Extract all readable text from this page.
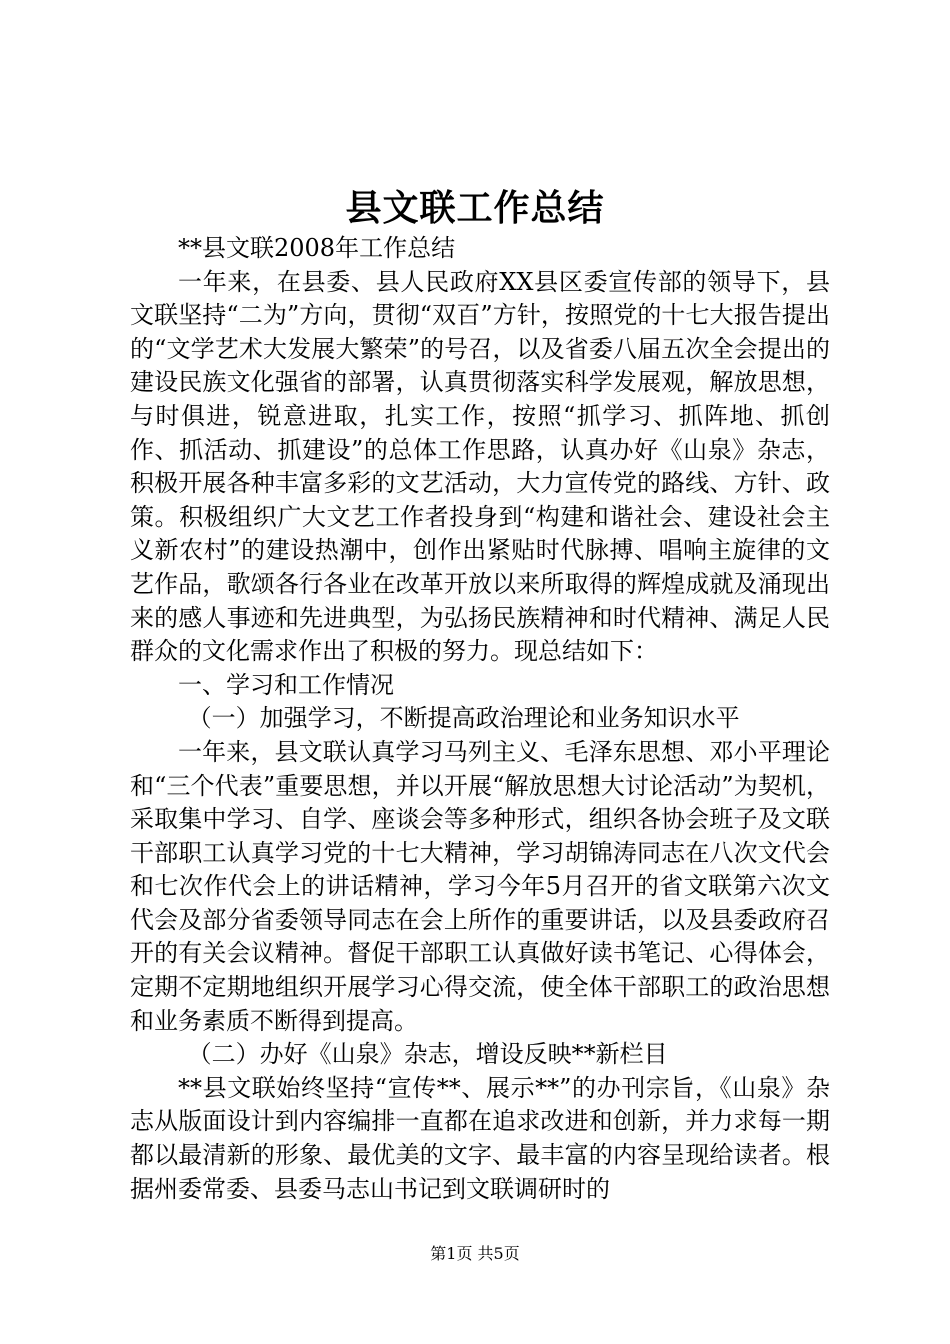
县文联工作总结

**县文联2008年工作总结

一年来，在县委、县人民政府XX县区委宣传部的领导下，县文联坚持“二为”方向，贯彻“双百”方针，按照党的十七大报告提出的“文学艺术大发展大繁荣”的号召，以及省委八届五次全会提出的建设民族文化强省的部署，认真贯彻落实科学发展观，解放思想，与时俱进，锐意进取，扎实工作，按照“抓学习、抓阵地、抓创作、抓活动、抓建设”的总体工作思路，认真办好《山泉》杂志，积极开展各种丰富多彩的文艺活动，大力宣传党的路线、方针、政策。积极组织广大文艺工作者投身到“构建和谐社会、建设社会主义新农村”的建设热潮中，创作出紧贴时代脉搏、唱响主旋律的文艺作品，歌颂各行各业在改革开放以来所取得的辉煌成就及涌现出来的感人事迹和先进典型，为弘扬民族精神和时代精神、满足人民群众的文化需求作出了积极的努力。现总结如下：

一、学习和工作情况

（一）加强学习，不断提高政治理论和业务知识水平

一年来，县文联认真学习马列主义、毛泽东思想、邓小平理论和“三个代表”重要思想，并以开展“解放思想大讨论活动”为契机，采取集中学习、自学、座谈会等多种形式，组织各协会班子及文联干部职工认真学习党的十七大精神，学习胡锦涛同志在八次文代会和七次作代会上的讲话精神，学习今年5月召开的省文联第六次文代会及部分省委领导同志在会上所作的重要讲话，以及县委政府召开的有关会议精神。督促干部职工认真做好读书笔记、心得体会，定期不定期地组织开展学习心得交流，使全体干部职工的政治思想和业务素质不断得到提高。

（二）办好《山泉》杂志，增设反映**新栏目

**县文联始终坚持“宣传**、展示**”的办刊宗旨，《山泉》杂志从版面设计到内容编排一直都在追求改进和创新，并力求每一期都以最清新的形象、最优美的文字、最丰富的内容呈现给读者。根据州委常委、县委马志山书记到文联调研时的

第1页 共5页
